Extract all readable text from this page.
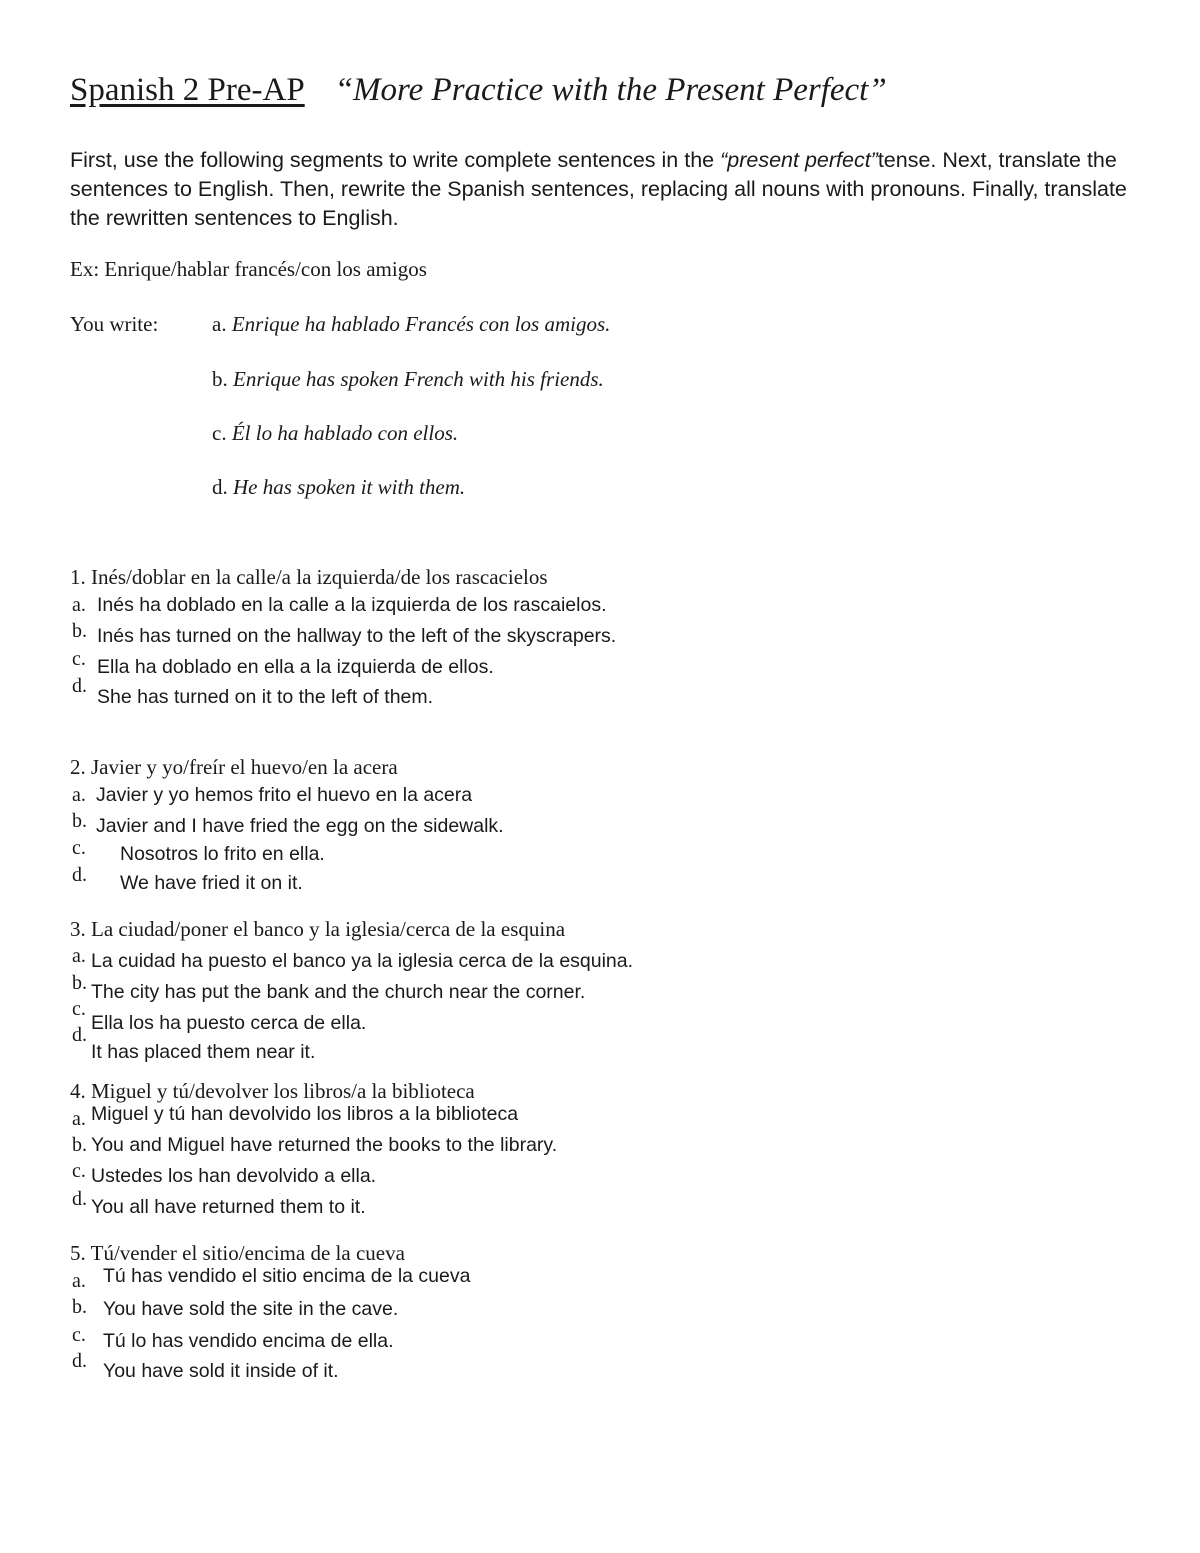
Spanish 2 Pre-AP “More Practice with the Present Perfect”
First, use the following segments to write complete sentences in the “present perfect”tense. Next, translate the sentences to English. Then, rewrite the Spanish sentences, replacing all nouns with pronouns. Finally, translate the rewritten sentences to English.
Ex: Enrique/hablar francés/con los amigos
You write:	a. Enrique ha hablado Francés con los amigos.
b. Enrique has spoken French with his friends.
c. Él lo ha hablado con ellos.
d. He has spoken it with them.
1. Inés/doblar en la calle/a la izquierda/de los rascacielos
a. Inés ha doblado en la calle a la izquierda de los rascaielos.
b. Inés has turned on the hallway to the left of the skyscrapers.
c. Ella ha doblado en ella a la izquierda de ellos.
d. She has turned on it to the left of them.
2. Javier y yo/freír el huevo/en la acera
a. Javier y yo hemos frito el huevo en la acera
b. Javier and I have fried the egg on the sidewalk.
c. Nosotros lo frito en ella.
d. We have fried it on it.
3. La ciudad/poner el banco y la iglesia/cerca de la esquina
a. La cuidad ha puesto el banco ya la iglesia cerca de la esquina.
b. The city has put the bank and the church near the corner.
c.
Ella los ha puesto cerca de ella.
d.
It has placed them near it.
4. Miguel y tú/devolver los libros/a la biblioteca
a. Miguel y tú han devolvido los libros a la biblioteca
b. You and Miguel have returned the books to the library.
c. Ustedes los han devolvido a ella.
d. You all have returned them to it.
5. Tú/vender el sitio/encima de la cueva
a. Tú has vendido el sitio encima de la cueva
b. You have sold the site in the cave.
c. Tú lo has vendido encima de ella.
d. You have sold it inside of it.
